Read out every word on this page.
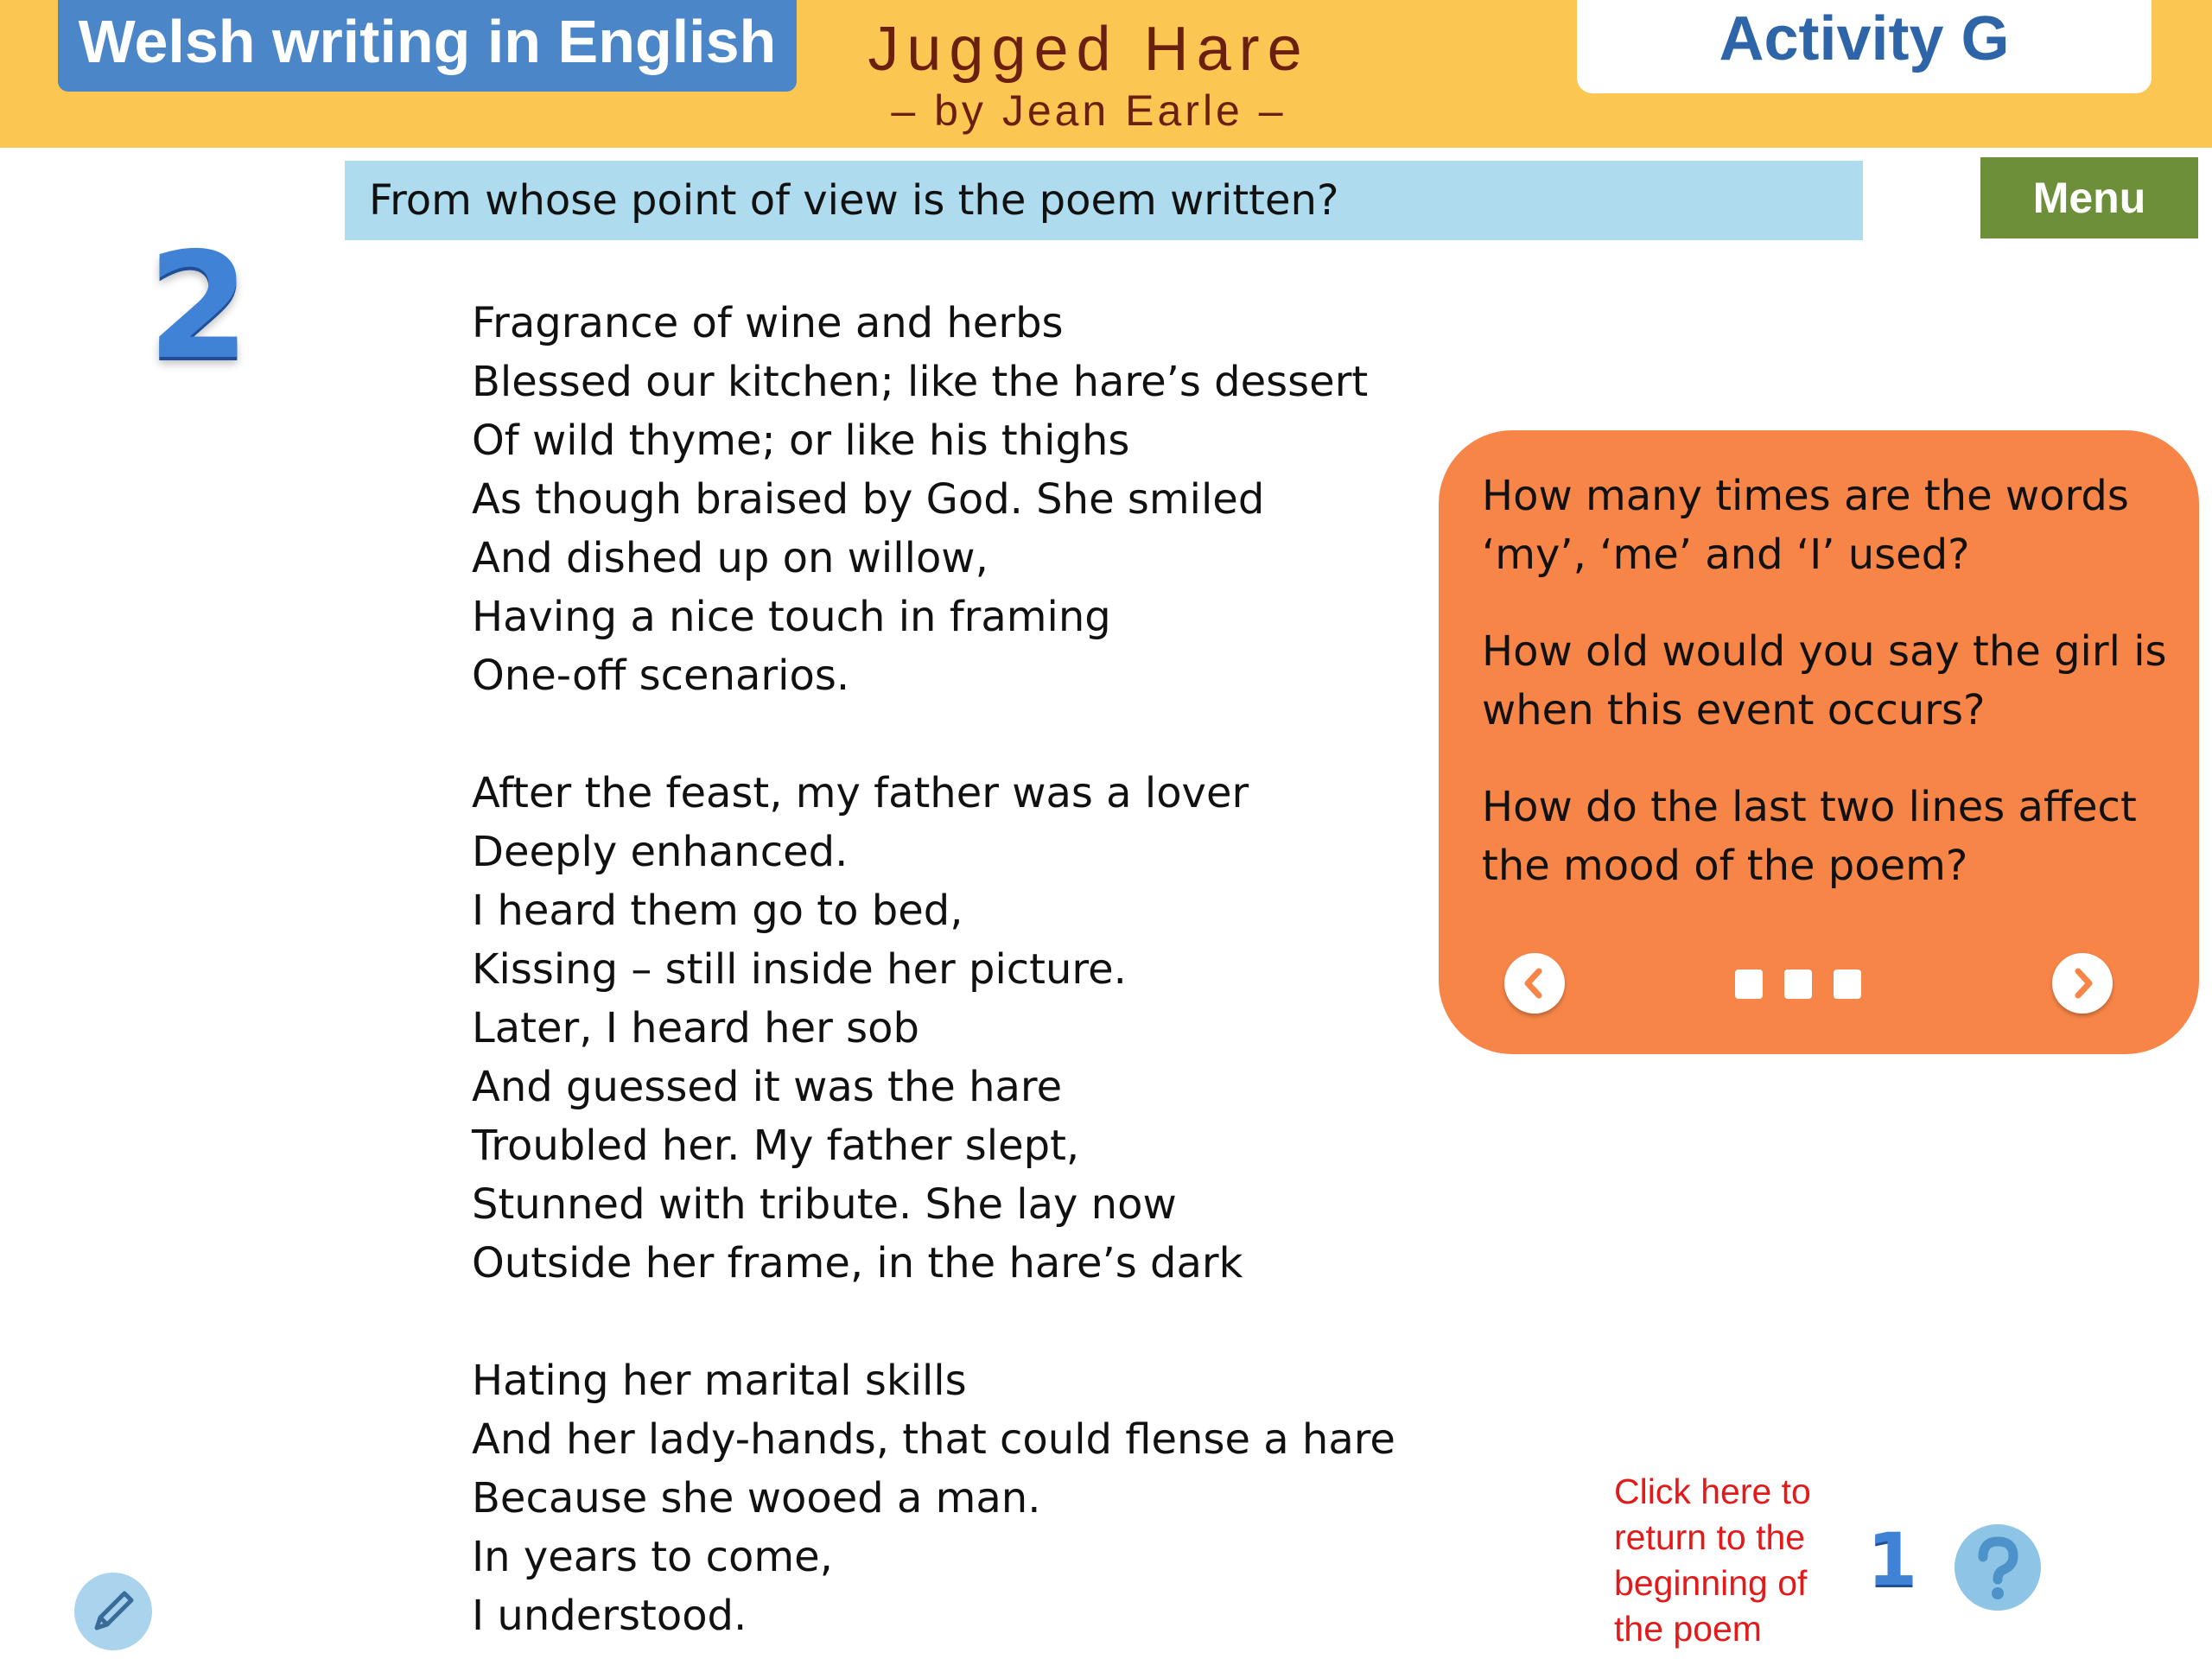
Welsh writing in English	Jugged Hare
– by Jean Earle –
Activity G
From whose point of view is the poem written?	Menu
2	Fragrance of wine and herbs
Blessed our kitchen; like the hare’s dessert
Of wild thyme; or like his thighs
As though braised by God. She smiled
And dished up on willow,
Having a nice touch in framing
One-off scenarios.
After the feast, my father was a lover
Deeply enhanced.
I heard them go to bed,
Kissing – still inside her picture.
Later, I heard her sob
And guessed it was the hare
Troubled her. My father slept,
Stunned with tribute. She lay now
Outside her frame, in the hare’s dark
Hating her marital skills
And her lady-hands, that could flense a hare
Because she wooed a man.
In years to come,
I understood.
How many times are the words ‘my’, ‘me’ and ‘I’ used?
How old would you say the girl is when this event occurs?
How do the last two lines affect the mood of the poem?
Click here to return to the beginning of the poem
1
